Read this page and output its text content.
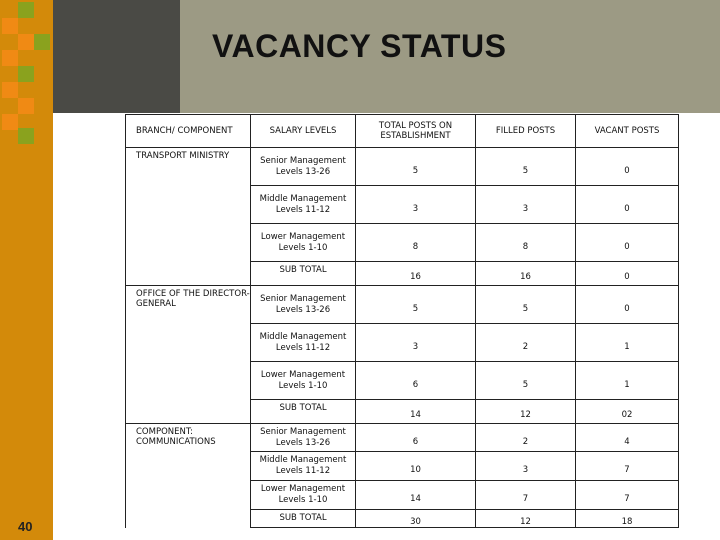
VACANCY STATUS
40
BRANCH/ COMPONENT	SALARY LEVELS	TOTAL POSTS ON ESTABLISHMENT	FILLED POSTS	VACANT POSTS
TRANSPORT MINISTRY	Senior Management Levels 13-26	5	5	0
	Middle Management Levels 11-12	3	3	0
	Lower Management Levels 1-10	8	8	0
	SUB TOTAL	16	16	0
OFFICE OF THE DIRECTOR-GENERAL	Senior Management Levels 13-26	5	5	0
	Middle Management Levels 11-12	3	2	1
	Lower Management Levels 1-10	6	5	1
	SUB TOTAL	14	12	02
COMPONENT: COMMUNICATIONS	Senior Management Levels 13-26	6	2	4
	Middle Management Levels 11-12	10	3	7
	Lower Management Levels 1-10	14	7	7
	SUB TOTAL	30	12	18
